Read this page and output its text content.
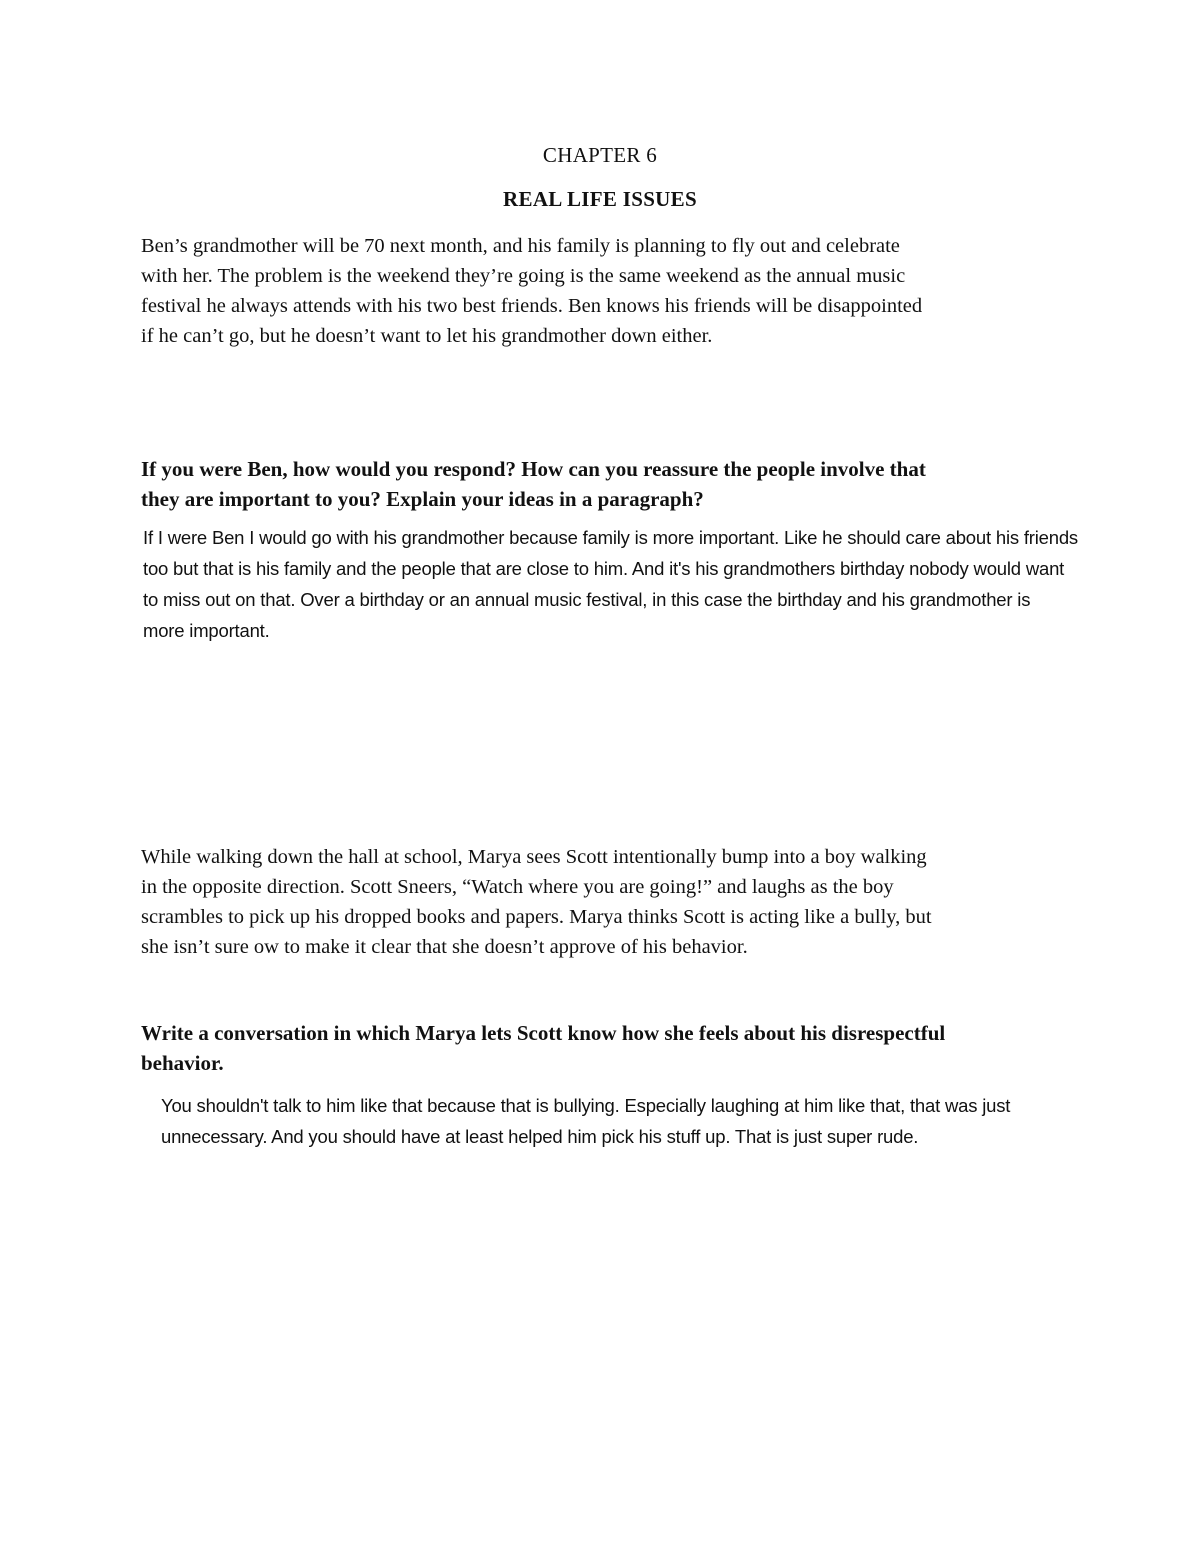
CHAPTER 6
REAL LIFE ISSUES
Ben’s grandmother will be 70 next month, and his family is planning to fly out and celebrate
with her. The problem is the weekend they’re going is the same weekend as the annual music
festival he always attends with his two best friends. Ben knows his friends will be disappointed
if he can’t go, but he doesn’t want to let his grandmother down either.
If you were Ben, how would you respond? How can you reassure the people involve that
they are important to you? Explain your ideas in a paragraph?
If I were Ben I would go with his grandmother because family is more important. Like he should care about his friends
too but that is his family and the people that are close to him. And it's his grandmothers birthday nobody would want
to miss out on that. Over a birthday or an annual music festival, in this case the birthday and his grandmother is
more important.
While walking down the hall at school, Marya sees Scott intentionally bump into a boy walking
in the opposite direction. Scott Sneers, “Watch where you are going!” and laughs as the boy
scrambles to pick up his dropped books and papers. Marya thinks Scott is acting like a bully, but
she isn’t sure ow to make it clear that she doesn’t approve of his behavior.
Write a conversation in which Marya lets Scott know how she feels about his disrespectful
behavior.
You shouldn't talk to him like that because that is bullying. Especially laughing at him like that, that was just
unnecessary. And you should have at least helped him pick his stuff up. That is just super rude.
